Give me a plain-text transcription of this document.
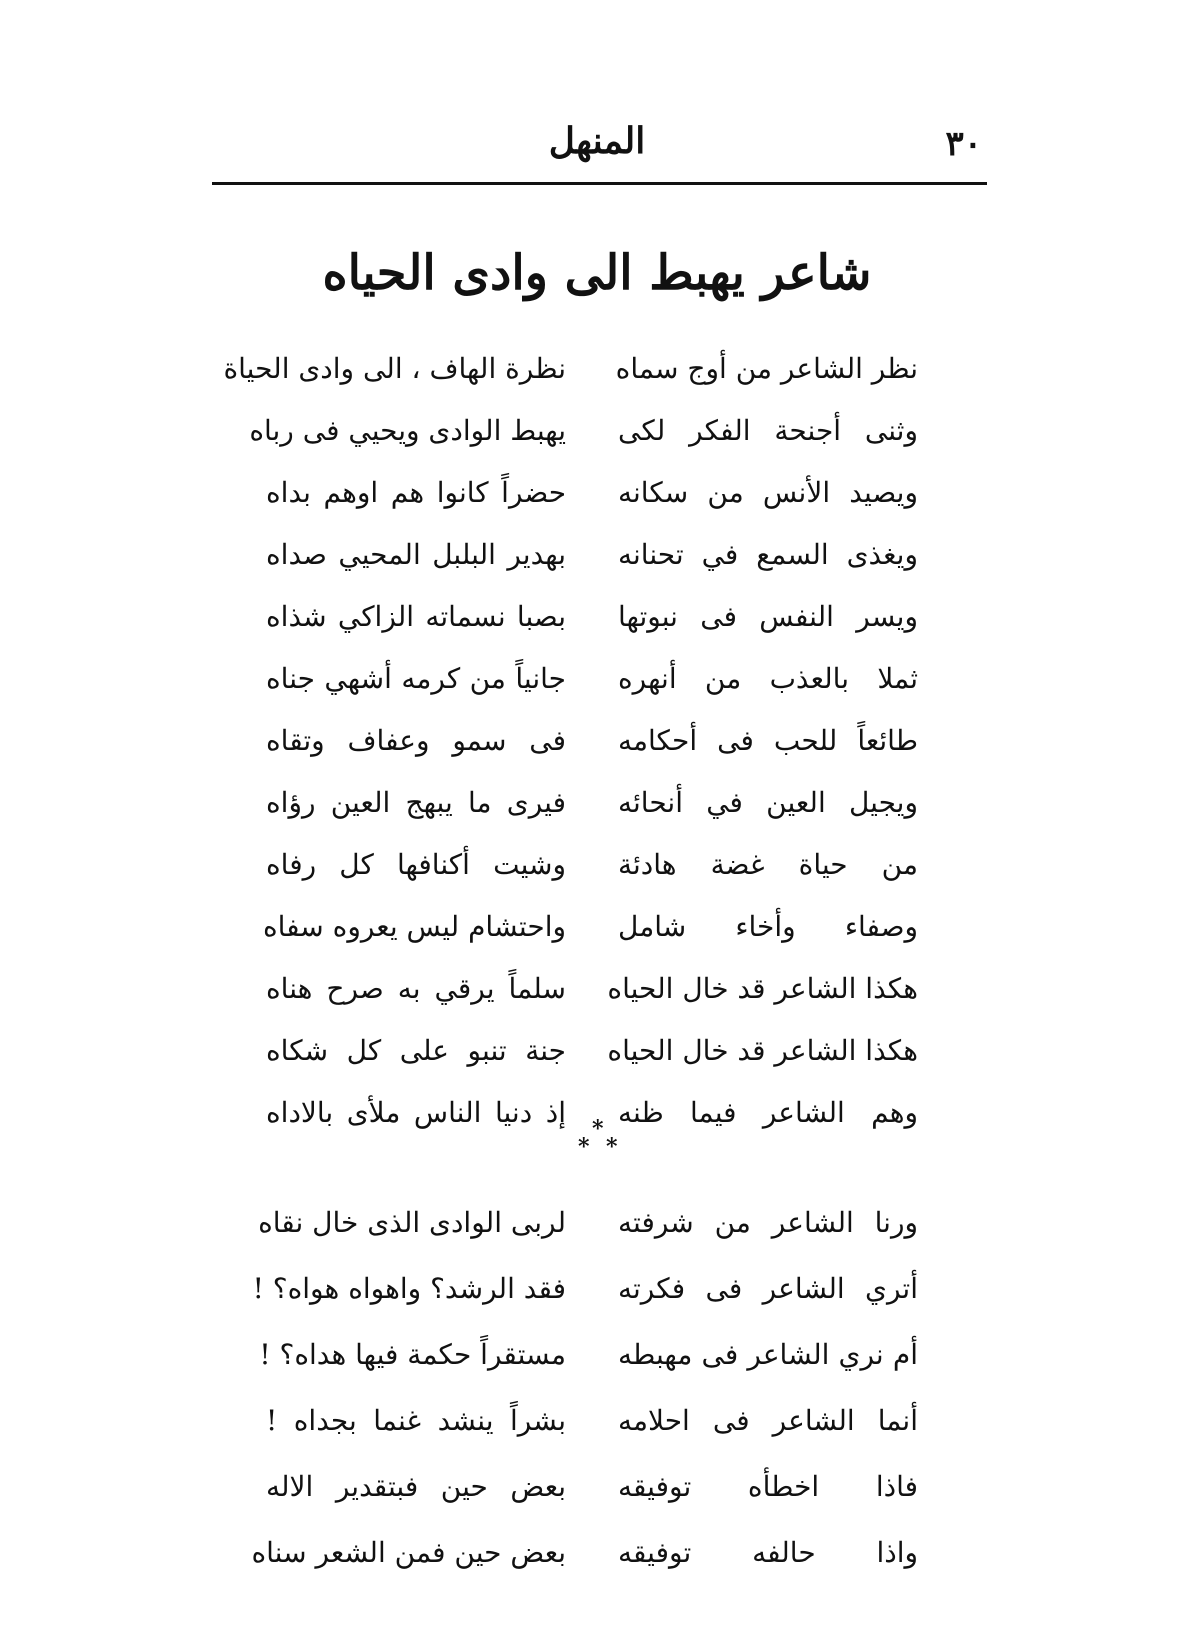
٣٠
المنهل
شاعر يهبط الى وادى الحياه
نظر الشاعر من أوج سماه
نظرة الهاف ، الى وادى الحياة
وثنى أجنحة الفكر لكى
يهبط الوادى ويحيي فى رباه
ويصيد الأنس من سكانه
حضراً كانوا هم اوهم بداه
ويغذى السمع في تحنانه
بهدير البلبل المحيي صداه
ويسر النفس فى نبوتها
بصبا نسماته الزاكي شذاه
ثملا بالعذب من أنهره
جانياً من كرمه أشهي جناه
طائعاً للحب فى أحكامه
فى سمو وعفاف وتقاه
ويجيل العين في أنحائه
فيرى ما يبهج العين رؤاه
من حياة غضة هادئة
وشيت أكنافها كل رفاه
وصفاء وأخاء شامل
واحتشام ليس يعروه سفاه
هكذا الشاعر قد خال الحياه
سلماً يرقي به صرح هناه
هكذا الشاعر قد خال الحياه
جنة تنبو على كل شكاه
وهم الشاعر فيما ظنه
إذ دنيا الناس ملأى بالاداه *
* *
ورنا الشاعر من شرفته
لربى الوادى الذى خال نقاه
أتري الشاعر فى فكرته
فقد الرشد؟ واهواه هواه؟ !
أم نري الشاعر فى مهبطه
مستقراً حكمة فيها هداه؟ !
أنما الشاعر فى احلامه
بشراً ينشد غنما بجداه !
فاذا اخطأه توفيقه
بعض حين فبتقدير الاله
واذا حالفه توفيقه
بعض حين فمن الشعر سناه
